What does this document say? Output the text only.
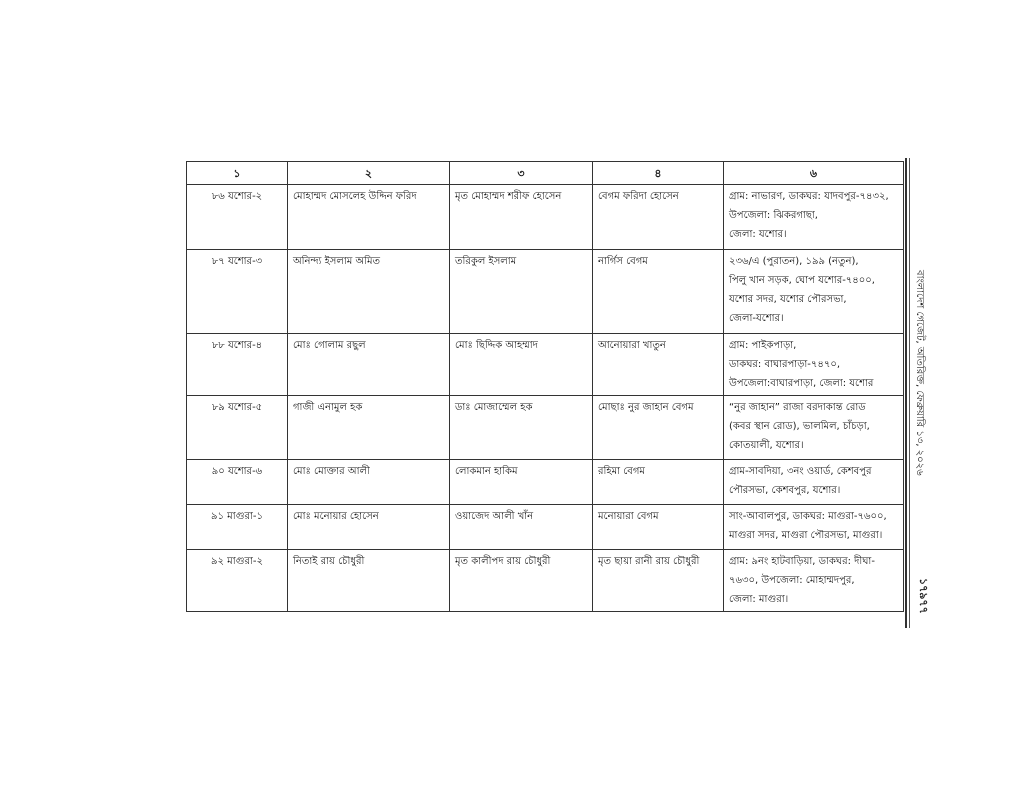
১	২	৩	৪	৬
৮৬ যশোর-২	মোহাম্মদ মোসলেহ উদ্দিন ফরিদ	মৃত মোহাম্মদ শরীফ হোসেন	বেগম ফরিদা হোসেন	গ্রাম: নাভারণ, ডাকঘর: যাদবপুর-৭৪৩২,
উপজেলা: ঝিকরগাছা,
জেলা: যশোর।

৮৭ যশোর-৩	অনিন্দ্য ইসলাম অমিত	তরিকুল ইসলাম	নার্গিস বেগম	২৩৬/এ (পুরাতন), ১৯৯ (নতুন),
পিলু খান সড়ক, ঘোপ যশোর-৭৪০০,
যশোর সদর, যশোর পৌরসভা,
জেলা-যশোর।

৮৮ যশোর-৪	মোঃ গোলাম রছুল	মোঃ ছিদ্দিক আহম্মাদ	আনোয়ারা খাতুন	গ্রাম: পাইকপাড়া,
ডাকঘর: বাঘারপাড়া-৭৪৭০,
উপজেলা:বাঘারপাড়া, জেলা: যশোর

৮৯ যশোর-৫	গাজী এনামুল হক	ডাঃ মোজাম্মেল হক	মোছাঃ নুর জাহান বেগম	“নুর জাহান” রাজা বরদাকান্ত রোড
(কবর স্থান রোড), ভালমিল, চাঁচড়া,
কোতয়ালী, যশোর।

৯০ যশোর-৬	মোঃ মোক্তার আলী	লোকমান হাকিম	রহিমা বেগম	গ্রাম-সাবদিয়া, ৩নং ওয়ার্ড, কেশবপুর
পৌরসভা, কেশবপুর, যশোর।

৯১ মাগুরা-১	মোঃ মনোয়ার হোসেন	ওয়াজেদ আলী খাঁন	মনোয়ারা বেগম	সাং-আবালপুর, ডাকঘর: মাগুরা-৭৬০০,
মাগুরা সদর, মাগুরা পৌরসভা, মাগুরা।

৯২ মাগুরা-২	নিতাই রায় চৌধুরী	মৃত কালীপদ রায় চৌধুরী	মৃত ছায়া রানী রায় চৌধুরী	গ্রাম: ৯নং হাটবাড়িয়া, ডাকঘর: দীঘা-
৭৬৩০, উপজেলা: মোহাম্মদপুর,
জেলা: মাগুরা।
বাংলাদেশ গেজেট, অতিরিক্ত, ফেব্রুয়ারি ১৩, ২০২৬
১৭৯৭৭
